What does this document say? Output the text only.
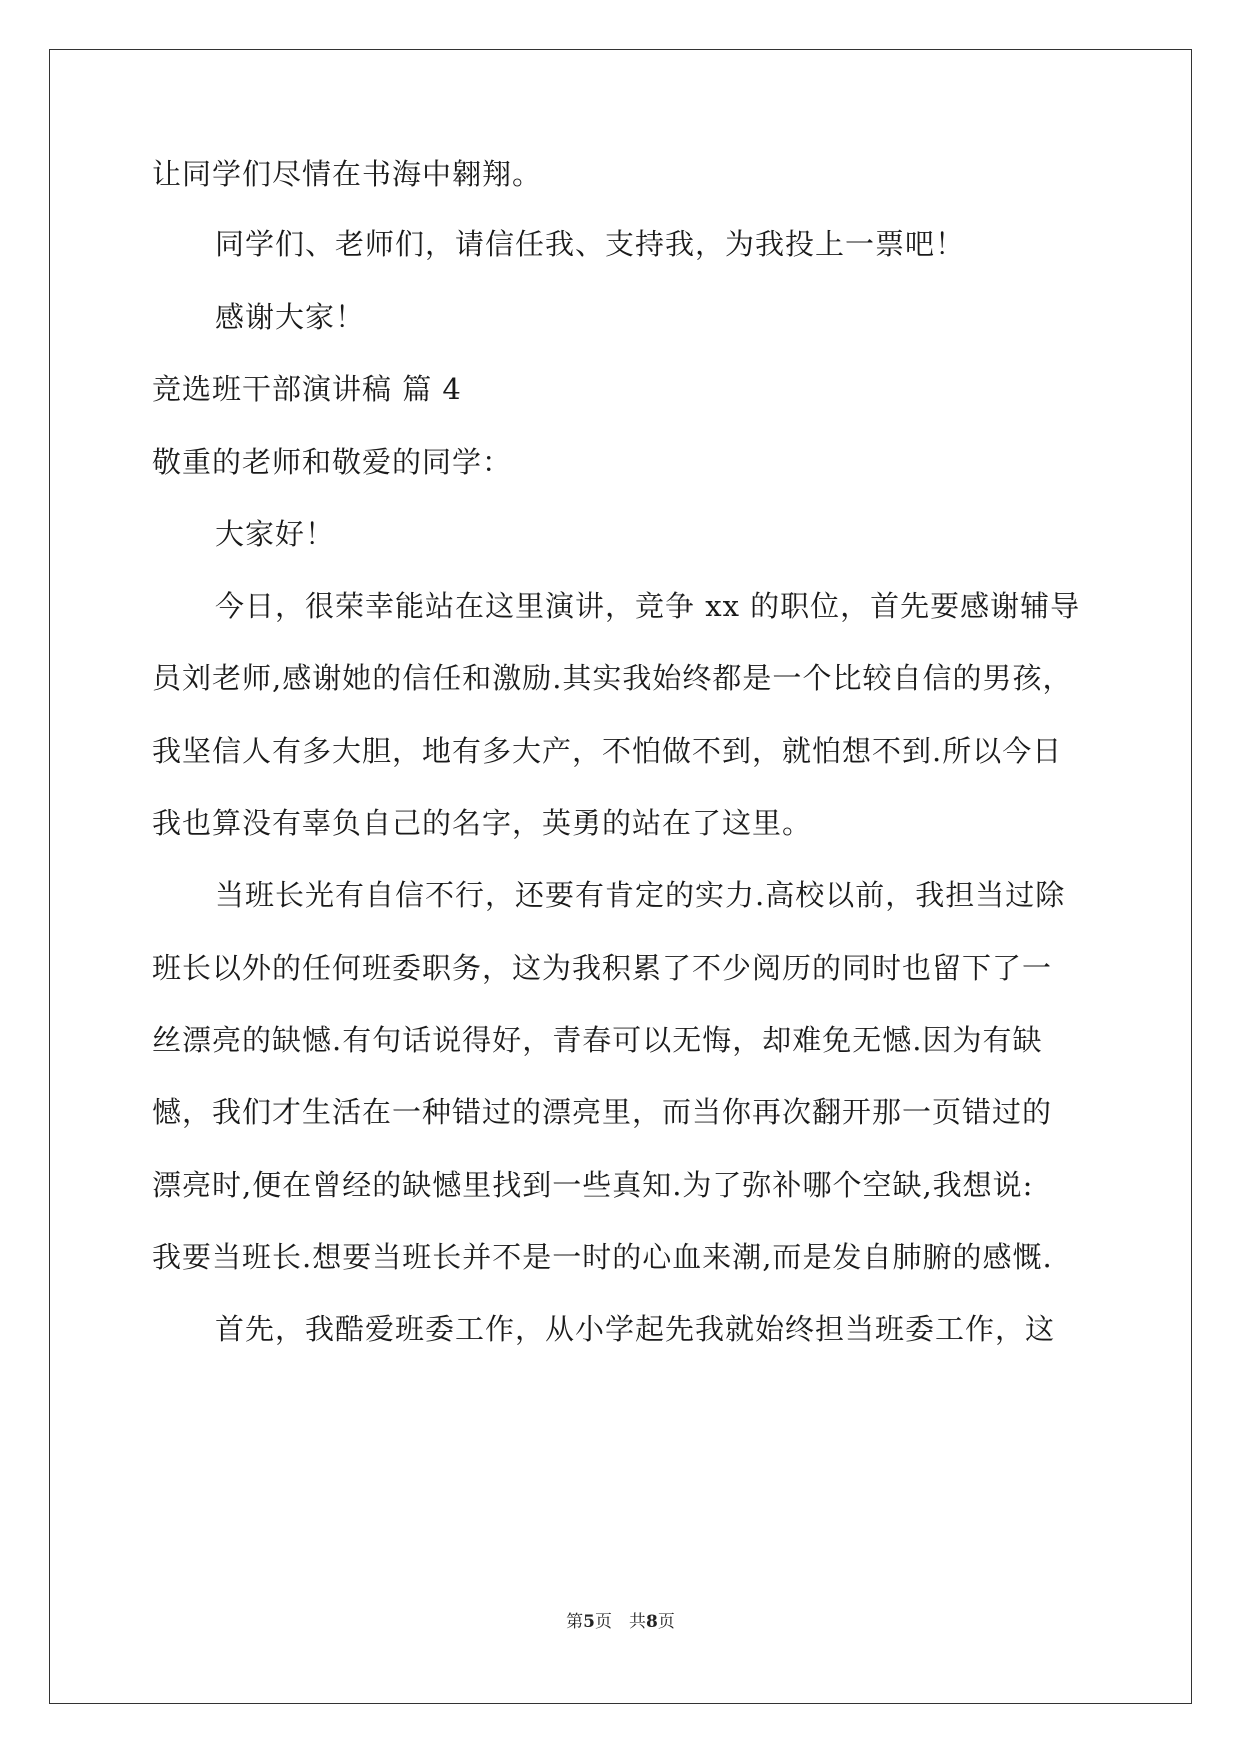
让同学们尽情在书海中翱翔。
同学们、老师们，请信任我、支持我，为我投上一票吧！
感谢大家！
竞选班干部演讲稿 篇 4
敬重的老师和敬爱的同学：
大家好！
今日，很荣幸能站在这里演讲，竞争 xx 的职位，首先要感谢辅导
员刘老师,感谢她的信任和激励.其实我始终都是一个比较自信的男孩，
我坚信人有多大胆，地有多大产，不怕做不到，就怕想不到.所以今日
我也算没有辜负自己的名字，英勇的站在了这里。
当班长光有自信不行，还要有肯定的实力.高校以前，我担当过除
班长以外的任何班委职务，这为我积累了不少阅历的同时也留下了一
丝漂亮的缺憾.有句话说得好，青春可以无悔，却难免无憾.因为有缺
憾，我们才生活在一种错过的漂亮里，而当你再次翻开那一页错过的
漂亮时,便在曾经的缺憾里找到一些真知.为了弥补哪个空缺,我想说:
我要当班长.想要当班长并不是一时的心血来潮,而是发自肺腑的感慨.
首先，我酷爱班委工作，从小学起先我就始终担当班委工作，这
第5页　共8页
